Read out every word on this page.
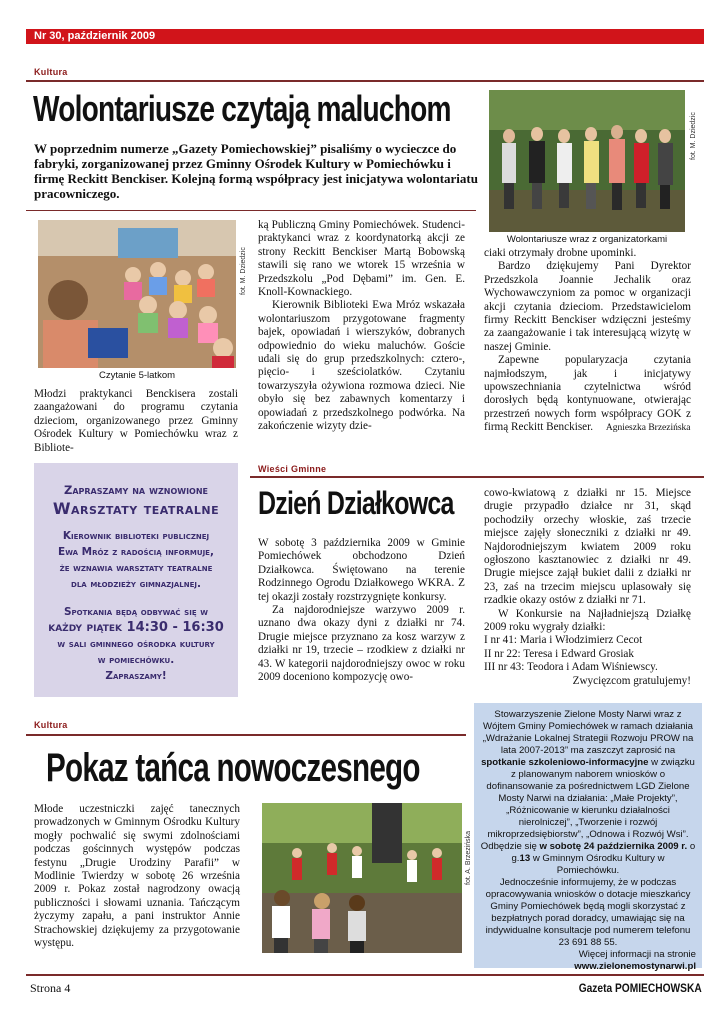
Nr 30, październik 2009
Kultura
Wolontariusze czytają maluchom
W poprzednim numerze „Gazety Pomiechowskiej” pisaliśmy o wycieczce do fabryki, zorganizowanej przez Gminny Ośrodek Kultury w Pomiechówku i firmę Reckitt Benckiser. Kolejną formą współpracy jest inicjatywa wolontariatu pracowniczego.
fot. M. Dziedzic
Wolontariusze wraz z organizatorkami
fot. M. Dziedzic
Czytanie 5-latkom

Młodzi praktykanci Benckisera zostali zaangażowani do programu czytania dzieciom, organizowanego przez Gminny Ośrodek Kultury w Pomiechówku wraz z Bibliote-

ką Publiczną Gminy Pomiechówek. Studenci-praktykanci wraz z koordynatorką akcji ze strony Reckitt Benckiser Martą Bobowską stawili się rano we wtorek 15 września w Przedszkolu „Pod Dębami” im. Gen. E. Knoll-Kownackiego.

Kierownik Biblioteki Ewa Mróz wskazała wolontariuszom przygotowane fragmenty bajek, opowiadań i wierszyków, dobranych odpowiednio do wieku maluchów. Goście udali się do grup przedszkolnych: cztero-, pięcio- i sześciolatków. Czytaniu towarzyszyła ożywiona rozmowa dzieci. Nie obyło się bez zabawnych komentarzy i opowiadań z przedszkolnego podwórka. Na zakończenie wizyty dzie-

ciaki otrzymały drobne upominki.

Bardzo dziękujemy Pani Dyrektor Przedszkola Joannie Jechalik oraz Wychowawczyniom za pomoc w organizacji akcji czytania dzieciom. Przedstawicielom firmy Reckitt Benckiser wdzięczni jesteśmy za zaangażowanie i tak interesującą wizytę w naszej Gminie.

Zapewne popularyzacja czytania najmłodszym, jak i inicjatywy upowszechniania czytelnictwa wśród dorosłych będą kontynuowane, otwierając przestrzeń nowych form współpracy GOK z firmą Reckitt Benckiser. Agnieszka Brzezińska

Zapraszamy na wznowione
Warsztaty teatralne
Kierownik biblioteki publicznej
Ewa Mróz z radością informuje,
że wznawia warsztaty teatralne
dla młodzieży gimnazjalnej.
Spotkania będą odbywać się w
każdy piątek 14:30 - 16:30
w sali gminnego ośrodka kultury
w pomiechówku.
Zapraszamy!
Wieści Gminne
Dzień Działkowca

W sobotę 3 października 2009 w Gminie Pomiechówek obchodzono Dzień Działkowca. Świętowano na terenie Rodzinnego Ogrodu Działkowego WKRA. Z tej okazji zostały rozstrzygnięte konkursy.

Za najdorodniejsze warzywo 2009 r. uznano dwa okazy dyni z działki nr 74. Drugie miejsce przyznano za kosz warzyw z działki nr 19, trzecie – rzodkiew z działki nr 43. W kategorii najdorodniejszy owoc w roku 2009 doceniono kompozycję owo-

cowo-kwiatową z działki nr 15. Miejsce drugie przypadło działce nr 31, skąd pochodziły orzechy włoskie, zaś trzecie miejsce zajęły słoneczniki z działki nr 49. Najdorodniejszym kwiatem 2009 roku ogłoszono kasztanowiec z działki nr 49. Drugie miejsce zajął bukiet dalii z działki nr 23, zaś na trzecim miejscu uplasowały się rzadkie okazy ostów z działki nr 71.

W Konkursie na Najładniejszą Działkę 2009 roku wygrały działki:

I nr 41: Maria i Włodzimierz Cecot

II nr 22: Teresa i Edward Grosiak

III nr 43: Teodora i Adam Wiśniewscy.

Zwycięzcom gratulujemy!

Kultura
Pokaz tańca nowoczesnego

Młode uczestniczki zajęć tanecznych prowadzonych w Gminnym Ośrodku Kultury mogły pochwalić się swymi zdolnościami podczas gościnnych występów podczas festynu „Drugie Urodziny Parafii” w Modlinie Twierdzy w sobotę 26 września 2009 r. Pokaz został nagrodzony owacją publiczności i słowami uznania. Tańczącym życzymy zapału, a pani instruktor Annie Strachowskiej dziękujemy za przygotowanie występu.

fot. A. Brzezińska

Stowarzyszenie Zielone Mosty Narwi wraz z Wójtem Gminy Pomiechówek w ramach działania „Wdrażanie Lokalnej Strategii Rozwoju PROW na lata 2007-2013” ma zaszczyt zaprosić na spotkanie szkoleniowo-informacyjne w związku z planowanym naborem wniosków o dofinansowanie za pośrednictwem LGD Zielone Mosty Narwi na działania: „Małe Projekty”, „Różnicowanie w kierunku działalności nierolniczej”, „Tworzenie i rozwój mikroprzedsiębiorstw”, „Odnowa i Rozwój Wsi”.

Odbędzie się w sobotę 24 października 2009 r. o g.13 w Gminnym Ośrodku Kultury w Pomiechówku.

Jednocześnie informujemy, że w podczas opracowywania wniosków o dotacje mieszkańcy Gminy Pomiechówek będą mogli skorzystać z bezpłatnych porad doradcy, umawiając się na indywidualne konsultacje pod numerem telefonu 23 691 88 55.

Więcej informacji na stronie

www.zielonemostynarwi.pl

Strona 4	Gazeta POMIECHOWSKA
